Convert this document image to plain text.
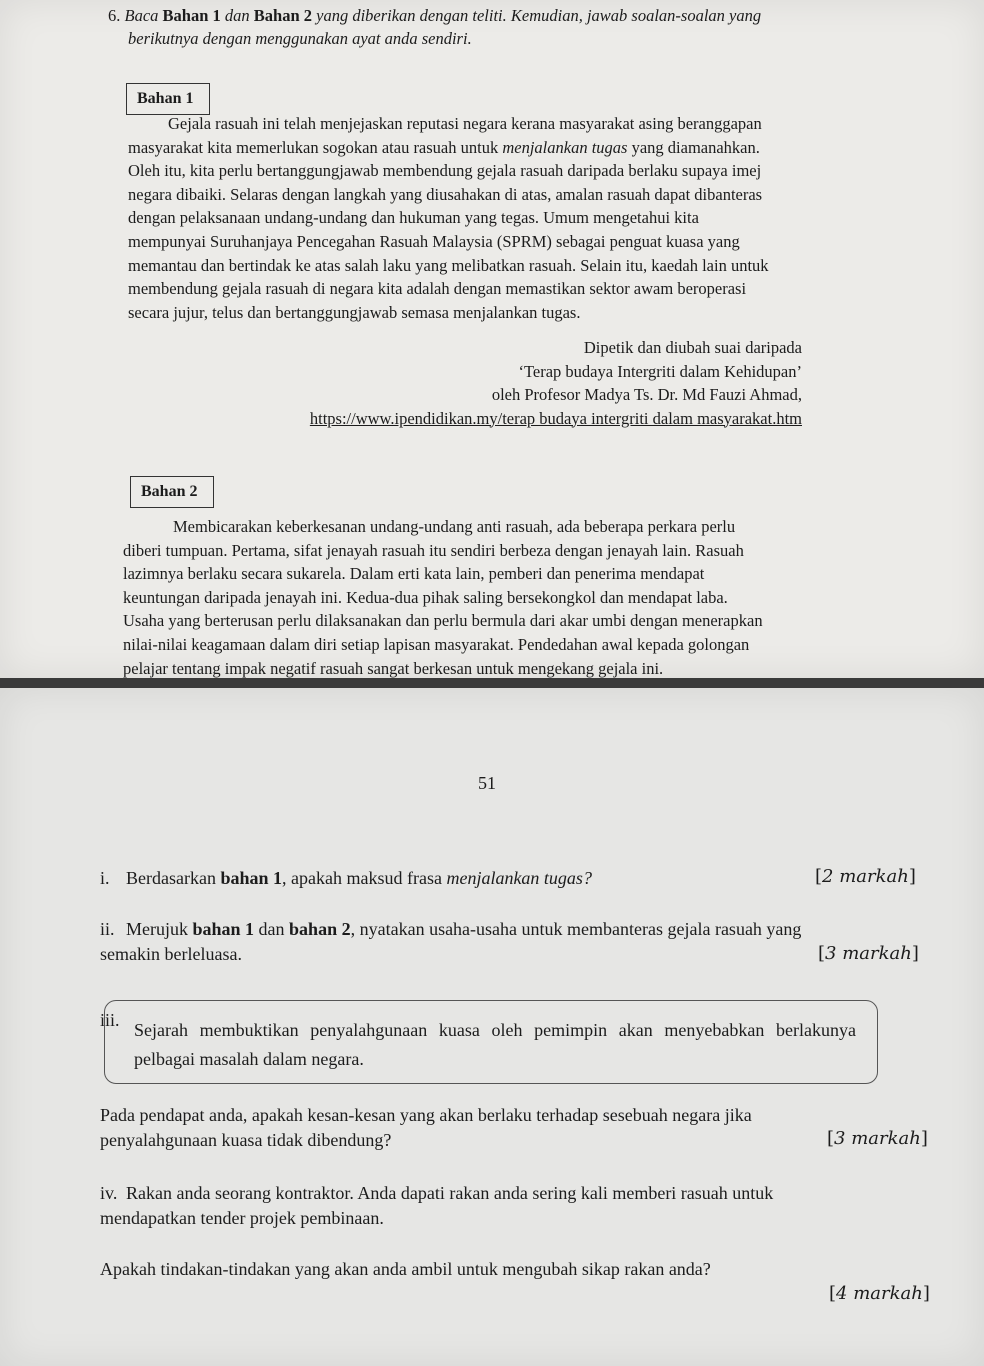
6. Baca Bahan 1 dan Bahan 2 yang diberikan dengan teliti. Kemudian, jawab soalan-soalan yang
berikutnya dengan menggunakan ayat anda sendiri.
Bahan 1
Gejala rasuah ini telah menjejaskan reputasi negara kerana masyarakat asing beranggapan
masyarakat kita memerlukan sogokan atau rasuah untuk menjalankan tugas yang diamanahkan.
Oleh itu, kita perlu bertanggungjawab membendung gejala rasuah daripada berlaku supaya imej
negara dibaiki. Selaras dengan langkah yang diusahakan di atas, amalan rasuah dapat dibanteras
dengan pelaksanaan undang-undang dan hukuman yang tegas. Umum mengetahui kita
mempunyai Suruhanjaya Pencegahan Rasuah Malaysia (SPRM) sebagai penguat kuasa yang
memantau dan bertindak ke atas salah laku yang melibatkan rasuah. Selain itu, kaedah lain untuk
membendung gejala rasuah di negara kita adalah dengan memastikan sektor awam beroperasi
secara jujur, telus dan bertanggungjawab semasa menjalankan tugas.
Dipetik dan diubah suai daripada
‘Terap budaya Intergriti dalam Kehidupan’
oleh Profesor Madya Ts. Dr. Md Fauzi Ahmad,
https://www.ipendidikan.my/terap budaya intergriti dalam masyarakat.htm
Bahan 2
Membicarakan keberkesanan undang-undang anti rasuah, ada beberapa perkara perlu
diberi tumpuan. Pertama, sifat jenayah rasuah itu sendiri berbeza dengan jenayah lain. Rasuah
lazimnya berlaku secara sukarela. Dalam erti kata lain, pemberi dan penerima mendapat
keuntungan daripada jenayah ini. Kedua-dua pihak saling bersekongkol dan mendapat laba.
Usaha yang berterusan perlu dilaksanakan dan perlu bermula dari akar umbi dengan menerapkan
nilai-nilai keagamaan dalam diri setiap lapisan masyarakat. Pendedahan awal kepada golongan
pelajar tentang impak negatif rasuah sangat berkesan untuk mengekang gejala ini.
51
i. Berdasarkan bahan 1, apakah maksud frasa menjalankan tugas?	[2 markah]
ii. Merujuk bahan 1 dan bahan 2, nyatakan usaha-usaha untuk membanteras gejala rasuah yang
semakin berleluasa.	[3 markah]
iii. Sejarah membuktikan penyalahgunaan kuasa oleh pemimpin akan menyebabkan berlakunya pelbagai masalah dalam negara.
Pada pendapat anda, apakah kesan-kesan yang akan berlaku terhadap sesebuah negara jika
penyalahgunaan kuasa tidak dibendung?	[3 markah]
iv. Rakan anda seorang kontraktor. Anda dapati rakan anda sering kali memberi rasuah untuk
mendapatkan tender projek pembinaan.
Apakah tindakan-tindakan yang akan anda ambil untuk mengubah sikap rakan anda?
[4 markah]
